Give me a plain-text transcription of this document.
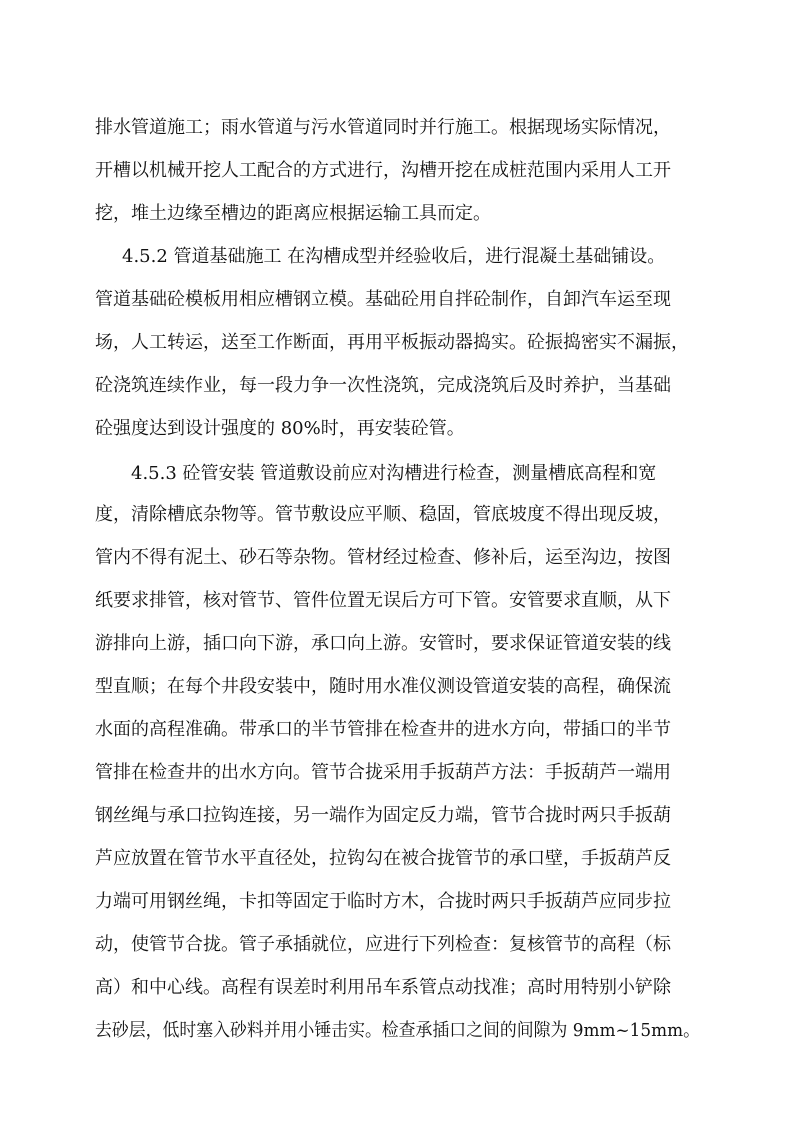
排水管道施工；雨水管道与污水管道同时并行施工。根据现场实际情况，
开槽以机械开挖人工配合的方式进行，沟槽开挖在成桩范围内采用人工开
挖，堆土边缘至槽边的距离应根据运输工具而定。
4.5.2 管道基础施工 在沟槽成型并经验收后，进行混凝土基础铺设。
管道基础砼模板用相应槽钢立模。基础砼用自拌砼制作，自卸汽车运至现
场，人工转运，送至工作断面，再用平板振动器捣实。砼振捣密实不漏振，
砼浇筑连续作业，每一段力争一次性浇筑，完成浇筑后及时养护，当基础
砼强度达到设计强度的 80%时，再安装砼管。
4.5.3 砼管安装 管道敷设前应对沟槽进行检查，测量槽底高程和宽
度，清除槽底杂物等。管节敷设应平顺、稳固，管底坡度不得出现反坡，
管内不得有泥土、砂石等杂物。管材经过检查、修补后，运至沟边，按图
纸要求排管，核对管节、管件位置无误后方可下管。安管要求直顺，从下
游排向上游，插口向下游，承口向上游。安管时，要求保证管道安装的线
型直顺；在每个井段安装中，随时用水准仪测设管道安装的高程，确保流
水面的高程准确。带承口的半节管排在检查井的进水方向，带插口的半节
管排在检查井的出水方向。管节合拢采用手扳葫芦方法：手扳葫芦一端用
钢丝绳与承口拉钩连接，另一端作为固定反力端，管节合拢时两只手扳葫
芦应放置在管节水平直径处，拉钩勾在被合拢管节的承口壁，手扳葫芦反
力端可用钢丝绳，卡扣等固定于临时方木，合拢时两只手扳葫芦应同步拉
动，使管节合拢。管子承插就位，应进行下列检查：复核管节的高程（标
高）和中心线。高程有误差时利用吊车系管点动找准；高时用特别小铲除
去砂层，低时塞入砂料并用小锤击实。检查承插口之间的间隙为 9mm~15mm。
